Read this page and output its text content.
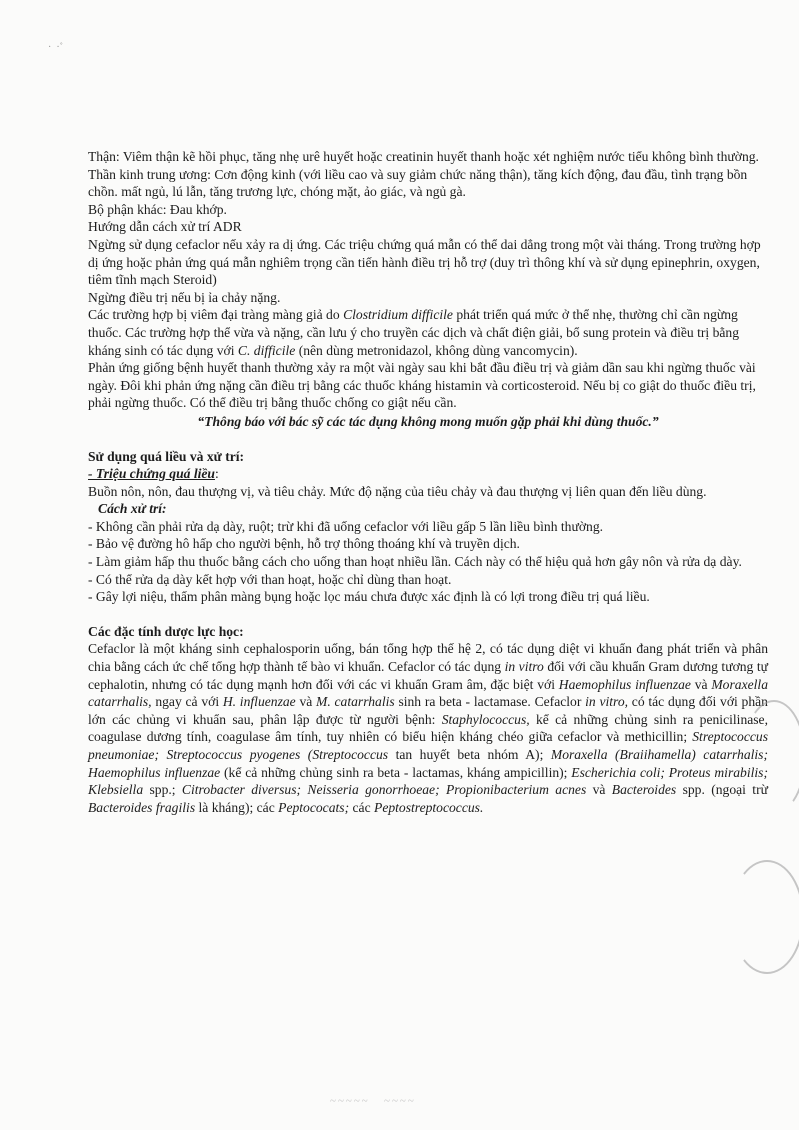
·  ·˚
Thận: Viêm thận kẽ hồi phục, tăng nhẹ urê huyết hoặc creatinin huyết thanh hoặc xét nghiệm nước tiểu không bình thường.
Thần kinh trung ương: Cơn động kinh (với liều cao và suy giảm chức năng thận), tăng kích động, đau đầu, tình trạng bồn chồn. mất ngủ, lú lẫn, tăng trương lực, chóng mặt, ảo giác, và ngủ gà.
Bộ phận khác: Đau khớp.
Hướng dẫn cách xử trí ADR
Ngừng sử dụng cefaclor nếu xảy ra dị ứng. Các triệu chứng quá mẫn có thể dai dẳng trong một vài tháng. Trong trường hợp dị ứng hoặc phản ứng quá mẫn nghiêm trọng cần tiến hành điều trị hỗ trợ (duy trì thông khí và sử dụng epinephrin, oxygen, tiêm tĩnh mạch Steroid)
Ngừng điều trị nếu bị ỉa chảy nặng.
Các trường hợp bị viêm đại tràng màng giả do Clostridium difficile phát triển quá mức ở thể nhẹ, thường chỉ cần ngừng thuốc. Các trường hợp thể vừa và nặng, cần lưu ý cho truyền các dịch và chất điện giải, bổ sung protein và điều trị bằng kháng sinh có tác dụng với C. difficile (nên dùng metronidazol, không dùng vancomycin).
Phản ứng giống bệnh huyết thanh thường xảy ra một vài ngày sau khi bắt đầu điều trị và giảm dần sau khi ngừng thuốc vài ngày. Đôi khi phản ứng nặng cần điều trị bằng các thuốc kháng histamin và corticosteroid. Nếu bị co giật do thuốc điều trị, phải ngừng thuốc. Có thể điều trị bằng thuốc chống co giật nếu cần.
“Thông báo với bác sỹ các tác dụng không mong muốn gặp phải khi dùng thuốc.”
Sử dụng quá liều và xử trí:
- Triệu chứng quá liều:
Buồn nôn, nôn, đau thượng vị, và tiêu chảy. Mức độ nặng của tiêu chảy và đau thượng vị liên quan đến liều dùng.
Cách xử trí:
- Không cần phải rửa dạ dày, ruột; trừ khi đã uống cefaclor với liều gấp 5 lần liều bình thường.
- Bảo vệ đường hô hấp cho người bệnh, hỗ trợ thông thoáng khí và truyền dịch.
- Làm giảm hấp thu thuốc bằng cách cho uống than hoạt nhiều lần. Cách này có thể hiệu quả hơn gây nôn và rửa dạ dày.
- Có thể rửa dạ dày kết hợp với than hoạt, hoặc chỉ dùng than hoạt.
- Gây lợi niệu, thẩm phân màng bụng hoặc lọc máu chưa được xác định là có lợi trong điều trị quá liều.
Các đặc tính dược lực học:
Cefaclor là một kháng sinh cephalosporin uống, bán tổng hợp thế hệ 2, có tác dụng diệt vi khuẩn đang phát triển và phân chia bằng cách ức chế tổng hợp thành tế bào vi khuẩn. Cefaclor có tác dụng in vitro đối với cầu khuẩn Gram dương tương tự cephalotin, nhưng có tác dụng mạnh hơn đối với các vi khuẩn Gram âm, đặc biệt với Haemophilus influenzae và Moraxella catarrhalis, ngay cả với H. influenzae và M. catarrhalis sinh ra beta - lactamase. Cefaclor in vitro, có tác dụng đối với phần lớn các chủng vi khuẩn sau, phân lập được từ người bệnh: Staphylococcus, kể cả những chủng sinh ra penicilinase, coagulase dương tính, coagulase âm tính, tuy nhiên có biểu hiện kháng chéo giữa cefaclor và methicillin; Streptococcus pneumoniae; Streptococcus pyogenes (Streptococcus tan huyết beta nhóm A); Moraxella (Braiihamella) catarrhalis; Haemophilus influenzae (kể cả những chủng sinh ra beta - lactamas, kháng ampicillin); Escherichia coli; Proteus mirabilis; Klebsiella spp.; Citrobacter diversus; Neisseria gonorrhoeae; Propionibacterium acnes và Bacteroides spp. (ngoại trừ Bacteroides fragilis là kháng); các Peptococats; các Peptostreptococcus.
~~~~~   ~~~~
